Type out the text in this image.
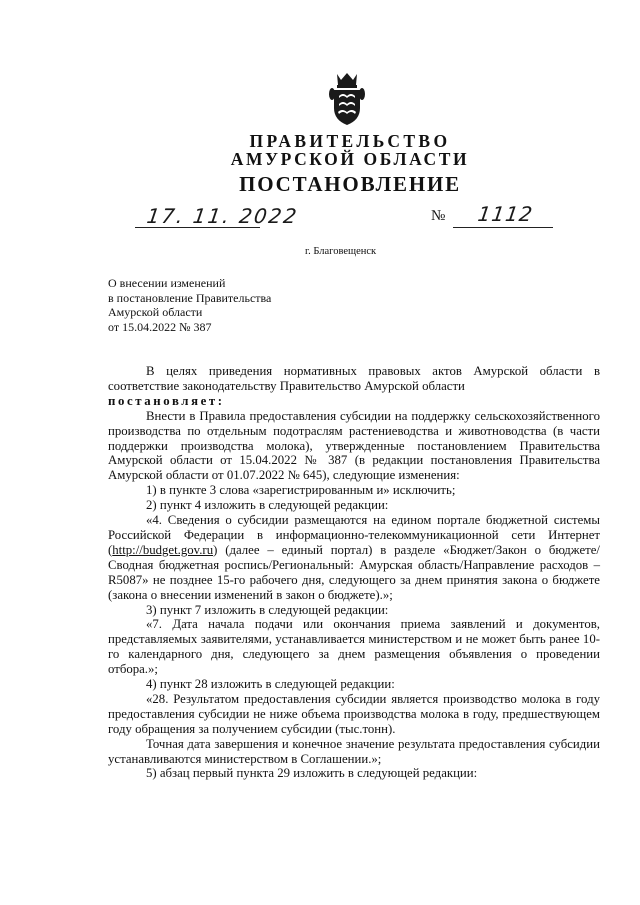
ПРАВИТЕЛЬСТВО
АМУРСКОЙ ОБЛАСТИ
ПОСТАНОВЛЕНИЕ
17. 11. 2022	№ 1112
г. Благовещенск
О внесении изменений
в постановление Правительства
Амурской области
от 15.04.2022 № 387

В целях приведения нормативных правовых актов Амурской области в соответствие законодательству Правительство Амурской области

постановляет:

Внести в Правила предоставления субсидии на поддержку сельскохозяйственного производства по отдельным подотраслям растениеводства и животноводства (в части поддержки производства молока), утвержденные постановлением Правительства Амурской области от 15.04.2022 № 387 (в редакции постановления Правительства Амурской области от 01.07.2022 № 645), следующие изменения:

1) в пункте 3 слова «зарегистрированным и» исключить;

2) пункт 4 изложить в следующей редакции:

«4. Сведения о субсидии размещаются на едином портале бюджетной системы Российской Федерации в информационно-телекоммуникационной сети Интернет (http://budget.gov.ru) (далее – единый портал) в разделе «Бюджет/Закон о бюджете/Сводная бюджетная роспись/Региональный: Амурская область/Направление расходов – R5087» не позднее 15-го рабочего дня, следующего за днем принятия закона о бюджете (закона о внесении изменений в закон о бюджете).»;

3) пункт 7 изложить в следующей редакции:

«7. Дата начала подачи или окончания приема заявлений и документов, представляемых заявителями, устанавливается министерством и не может быть ранее 10-го календарного дня, следующего за днем размещения объявления о проведении отбора.»;

4) пункт 28 изложить в следующей редакции:

«28. Результатом предоставления субсидии является производство молока в году предоставления субсидии не ниже объема производства молока в году, предшествующем году обращения за получением субсидии (тыс.тонн).

Точная дата завершения и конечное значение результата предоставления субсидии устанавливаются министерством в Соглашении.»;

5) абзац первый пункта 29 изложить в следующей редакции:
